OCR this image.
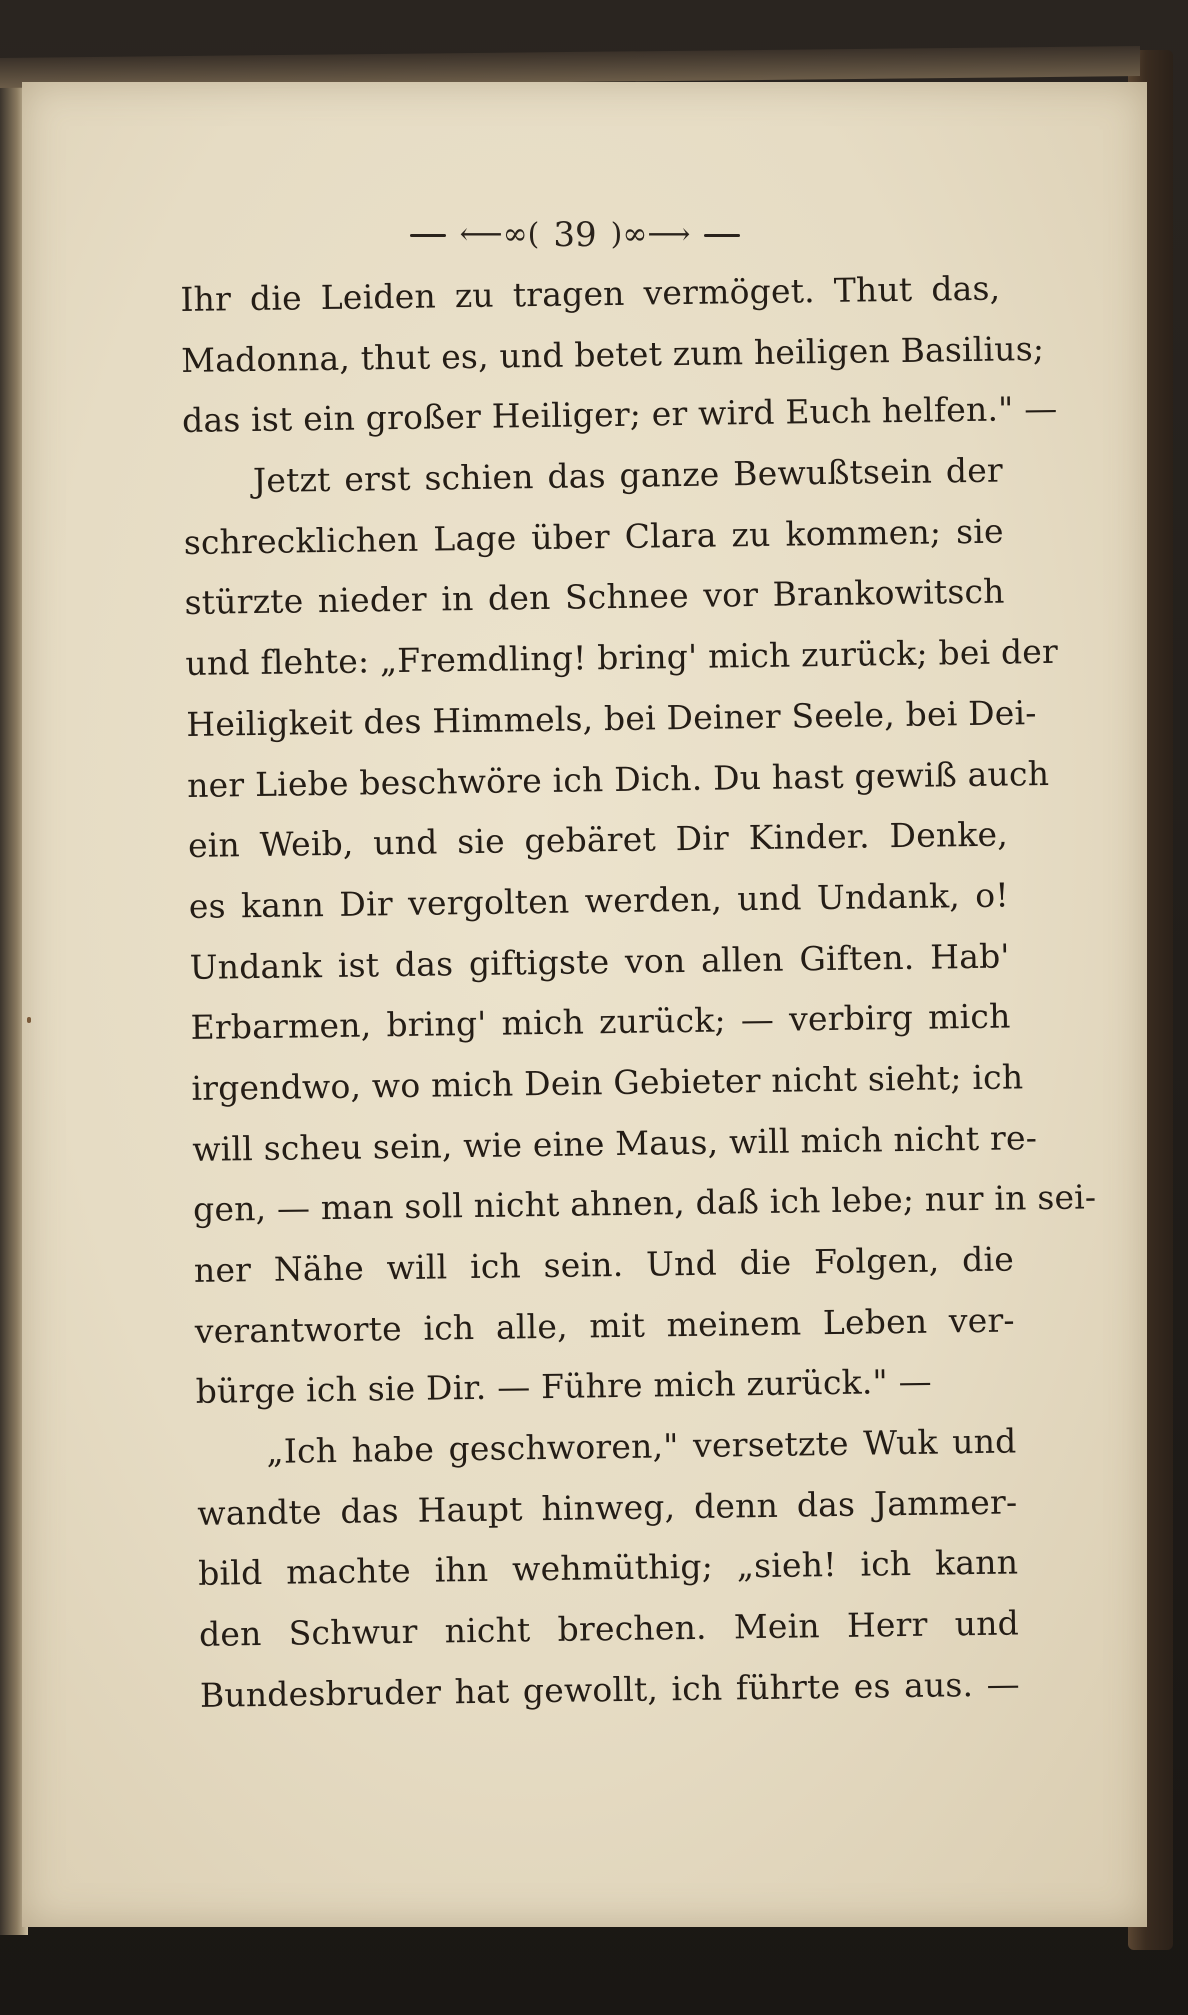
⟵∞( 39 )∞⟶
Ihr die Leiden zu tragen vermöget. Thut das,
Madonna, thut es, und betet zum heiligen Basilius;
das ist ein großer Heiliger; er wird Euch helfen." —
Jetzt erst schien das ganze Bewußtsein der
schrecklichen Lage über Clara zu kommen; sie
stürzte nieder in den Schnee vor Brankowitsch
und flehte: „Fremdling! bring' mich zurück; bei der
Heiligkeit des Himmels, bei Deiner Seele, bei Dei-
ner Liebe beschwöre ich Dich. Du hast gewiß auch
ein Weib, und sie gebäret Dir Kinder. Denke,
es kann Dir vergolten werden, und Undank, o!
Undank ist das giftigste von allen Giften. Hab'
Erbarmen, bring' mich zurück; — verbirg mich
irgendwo, wo mich Dein Gebieter nicht sieht; ich
will scheu sein, wie eine Maus, will mich nicht re-
gen, — man soll nicht ahnen, daß ich lebe; nur in sei-
ner Nähe will ich sein. Und die Folgen, die
verantworte ich alle, mit meinem Leben ver-
bürge ich sie Dir. — Führe mich zurück." —
„Ich habe geschworen," versetzte Wuk und
wandte das Haupt hinweg, denn das Jammer-
bild machte ihn wehmüthig; „sieh! ich kann
den Schwur nicht brechen. Mein Herr und
Bundesbruder hat gewollt, ich führte es aus. —
